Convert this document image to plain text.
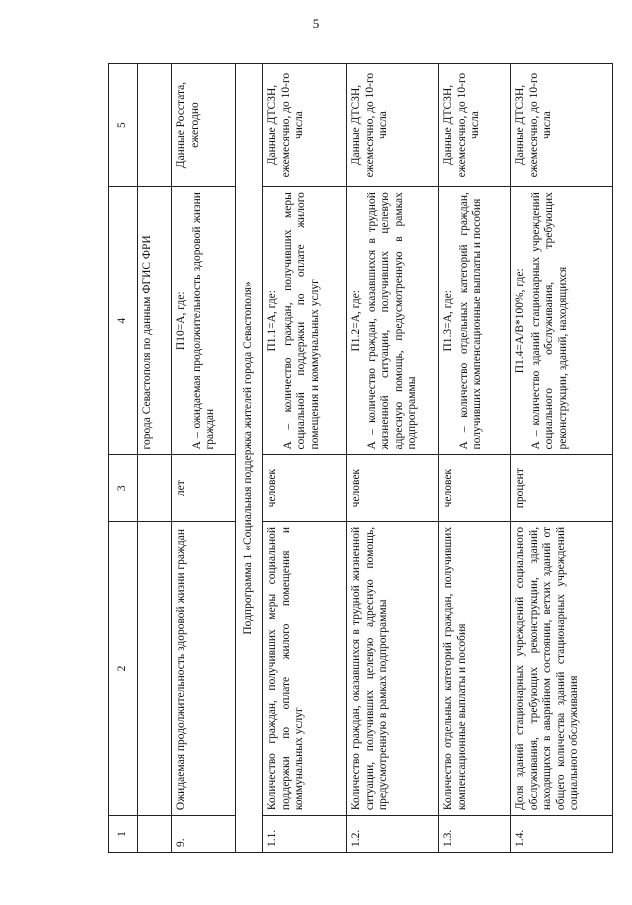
5
1	2	3	4	5
			города Севастополя по данным ФГИС ФРИ	
9.	Ожидаемая продолжительность здоровой жизни граждан	лет	П10=А, где: А – ожидаемая продолжительность здоровой жизни граждан	Данные Росстата, ежегодно
Подпрограмма 1 «Социальная поддержка жителей города Севастополя»				
1.1.	Количество граждан, получивших меры социальной поддержки по оплате жилого помещения и коммунальных услуг	человек	П1.1=А, где: А – количество граждан, получивших меры социальной поддержки по оплате жилого помещения и коммунальных услуг	Данные ДТСЗН, ежемесячно, до 10-го числа
1.2.	Количество граждан, оказавшихся в трудной жизненной ситуации, получивших целевую адресную помощь, предусмотренную в рамках подпрограммы	человек	П1.2=А, где: А – количество граждан, оказавшихся в трудной жизненной ситуации, получивших целевую адресную помощь, предусмотренную в рамках подпрограммы	Данные ДТСЗН, ежемесячно, до 10-го числа
1.3.	Количество отдельных категорий граждан, получивших компенсационные выплаты и пособия	человек	П1.3=А, где: А – количество отдельных категорий граждан, получивших компенсационные выплаты и пособия	Данные ДТСЗН, ежемесячно, до 10-го числа
1.4.	Доля зданий стационарных учреждений социального обслуживания, требующих реконструкции, зданий, находящихся в аварийном состоянии, ветхих зданий от общего количества зданий стационарных учреждений социального обслуживания	процент	П1.4=А/В*100%, где: А – количество зданий стационарных учреждений социального обслуживания, требующих реконструкции, зданий, находящихся	Данные ДТСЗН, ежемесячно, до 10-го числа
